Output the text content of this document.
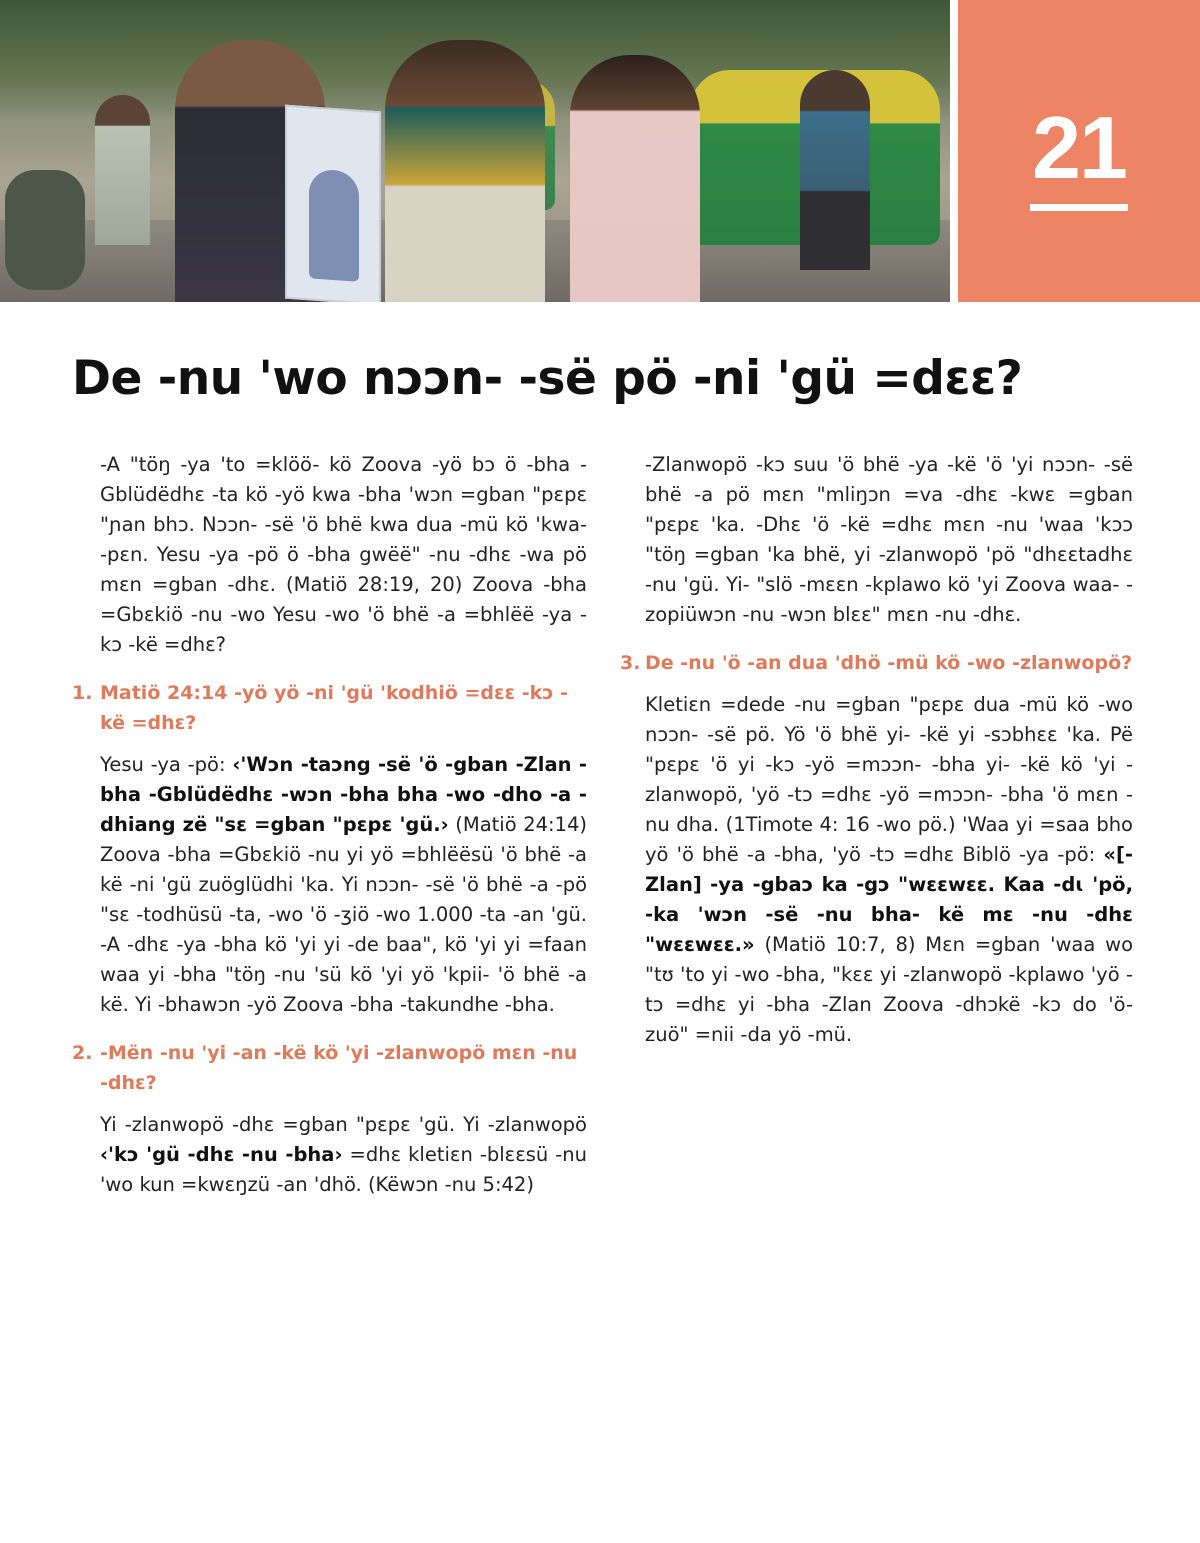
21
De -nu 'wo nɔɔn- -së pö -ni 'gü =dɛɛ?

-A "töŋ -ya 'to =klöö- kö Zoova -yö bɔ ö -bha -Gblüdëdhɛ -ta kö -yö kwa -bha 'wɔn =gban "pɛpɛ "ɲan bhɔ. Nɔɔn- -së 'ö bhë kwa dua -mü kö 'kwa- -pɛn. Yesu -ya -pö ö -bha gwëë" -nu -dhɛ -wa pö mɛn =gban -dhɛ. (Matiö 28:19, 20) Zoova -bha =Gbɛkiö -nu -wo Yesu -wo 'ö bhë -a =bhlëë -ya -kɔ -kë =dhɛ?

1. Matiö 24:14 -yö yö -ni 'gü 'kodhiö =dɛɛ -kɔ -kë =dhɛ?

Yesu -ya -pö: ‹'Wɔn -taɔng -së 'ö -gban -Zlan -bha -Gblüdëdhɛ -wɔn -bha bha -wo -dho -a -dhiang zë "sɛ =gban "pɛpɛ 'gü.› (Matiö 24:14) Zoova -bha =Gbɛkiö -nu yi yö =bhlëësü 'ö bhë -a kë -ni 'gü zuöglüdhi 'ka. Yi nɔɔn- -së 'ö bhë -a -pö "sɛ -todhüsü -ta, -wo 'ö -ʒiö -wo 1.000 -ta -an 'gü. -A -dhɛ -ya -bha kö 'yi yi -de baa", kö 'yi yi =faan waa yi -bha "töŋ -nu 'sü kö 'yi yö 'kpii- 'ö bhë -a kë. Yi -bhawɔn -yö Zoova -bha -takundhe -bha.

2. -Mën -nu 'yi -an -kë kö 'yi -zlanwopö mɛn -nu -dhɛ?

Yi -zlanwopö -dhɛ =gban "pɛpɛ 'gü. Yi -zlanwopö ‹'kɔ 'gü -dhɛ -nu -bha› =dhɛ kletiɛn -blɛɛsü -nu 'wo kun =kwɛŋzü -an 'dhö. (Këwɔn -nu 5:42)

-Zlanwopö -kɔ suu 'ö bhë -ya -kë 'ö 'yi nɔɔn- -së bhë -a pö mɛn "mliŋɔn =va -dhɛ -kwɛ =gban "pɛpɛ 'ka. -Dhɛ 'ö -kë =dhɛ mɛn -nu 'waa 'kɔɔ "töŋ =gban 'ka bhë, yi -zlanwopö 'pö "dhɛɛtadhɛ -nu 'gü. Yi- "slö -mɛɛn -kplawo kö 'yi Zoova waa- -zopiüwɔn -nu -wɔn blɛɛ" mɛn -nu -dhɛ.

3. De -nu 'ö -an dua 'dhö -mü kö -wo -zlanwopö?

Kletiɛn =dede -nu =gban "pɛpɛ dua -mü kö -wo nɔɔn- -së pö. Yö 'ö bhë yi- -kë yi -sɔbhɛɛ 'ka. Pë "pɛpɛ 'ö yi -kɔ -yö =mɔɔn- -bha yi- -kë kö 'yi -zlanwopö, 'yö -tɔ =dhɛ -yö =mɔɔn- -bha 'ö mɛn -nu dha. (1Timote 4: 16 -wo pö.) 'Waa yi =saa bho yö 'ö bhë -a -bha, 'yö -tɔ =dhɛ Biblö -ya -pö: «[-Zlan] -ya -gbaɔ ka -gɔ "wɛɛwɛɛ. Kaa -dɩ 'pö, -ka 'wɔn -së -nu bha- kë mɛ -nu -dhɛ "wɛɛwɛɛ.» (Matiö 10:7, 8) Mɛn =gban 'waa wo "tʊ 'to yi -wo -bha, "kɛɛ yi -zlanwopö -kplawo 'yö -tɔ =dhɛ yi -bha -Zlan Zoova -dhɔkë -kɔ do 'ö- zuö" =nii -da yö -mü.
